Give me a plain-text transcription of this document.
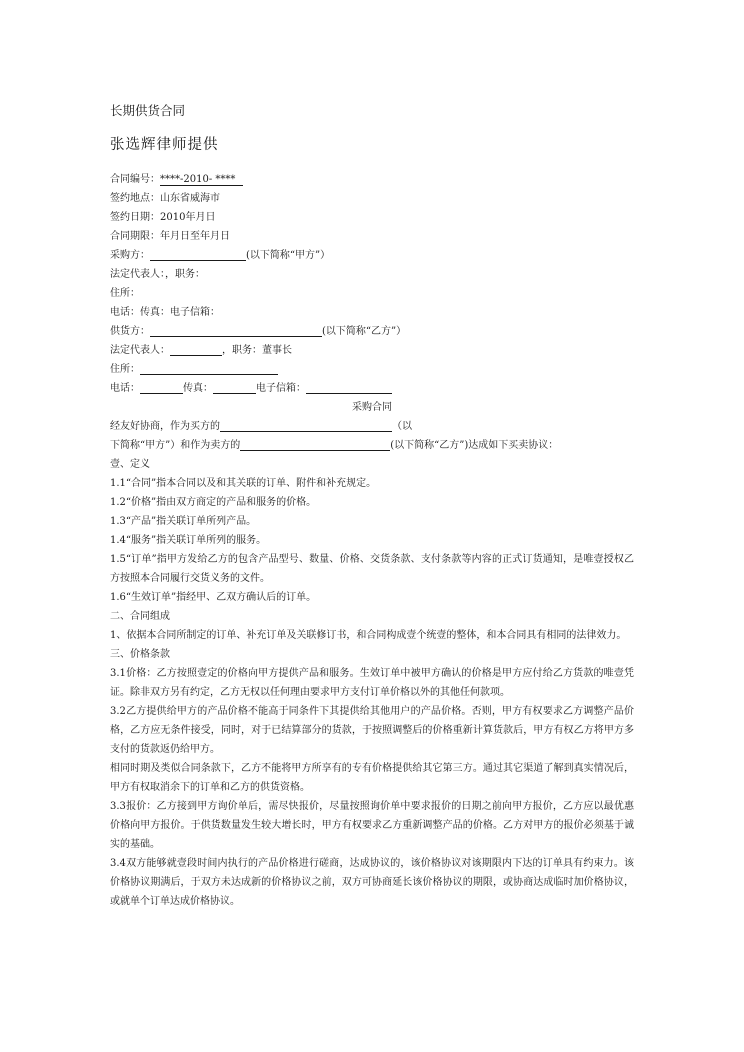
长期供货合同
张选辉律师提供
合同编号：****-2010- ****
签约地点：山东省威海市
签约日期：2010年月日
合同期限：年月日至年月日
采购方：	(以下简称“甲方”）
法定代表人：，职务：
住所：
电话：传真：电子信箱：
供货方：	(以下简称“乙方”）
法定代表人：	，职务：董事长
住所：
电话：	传真：	电子信箱：
采购合同
经友好协商，作为买方的	（以
下简称“甲方”）和作为卖方的	(以下简称“乙方”)达成如下买卖协议：

壹、定义

1.1“合同”指本合同以及和其关联的订单、附件和补充规定。

1.2“价格”指由双方商定的产品和服务的价格。

1.3“产品”指关联订单所列产品。

1.4“服务”指关联订单所列的服务。

1.5“订单”指甲方发给乙方的包含产品型号、数量、价格、交货条款、支付条款等内容的正式订货通知，是唯壹授权乙方按照本合同履行交货义务的文件。

1.6“生效订单”指经甲、乙双方确认后的订单。

二、合同组成

1、依据本合同所制定的订单、补充订单及关联修订书，和合同构成壹个统壹的整体，和本合同具有相同的法律效力。

三、价格条款

3.1价格：乙方按照壹定的价格向甲方提供产品和服务。生效订单中被甲方确认的价格是甲方应付给乙方货款的唯壹凭证。除非双方另有约定，乙方无权以任何理由要求甲方支付订单价格以外的其他任何款项。

3.2乙方提供给甲方的产品价格不能高于同条件下其提供给其他用户的产品价格。否则，甲方有权要求乙方调整产品价格，乙方应无条件接受，同时，对于已结算部分的货款，于按照调整后的价格重新计算货款后，甲方有权乙方将甲方多支付的货款返仍给甲方。

相同时期及类似合同条款下，乙方不能将甲方所享有的专有价格提供给其它第三方。通过其它渠道了解到真实情况后，甲方有权取消余下的订单和乙方的供货资格。

3.3报价：乙方接到甲方询价单后，需尽快报价，尽量按照询价单中要求报价的日期之前向甲方报价，乙方应以最优惠价格向甲方报价。于供货数量发生较大增长时，甲方有权要求乙方重新调整产品的价格。乙方对甲方的报价必须基于诚实的基础。

3.4双方能够就壹段时间内执行的产品价格进行磋商，达成协议的，该价格协议对该期限内下达的订单具有约束力。该价格协议期满后，于双方未达成新的价格协议之前，双方可协商延长该价格协议的期限，或协商达成临时加价格协议，或就单个订单达成价格协议。
